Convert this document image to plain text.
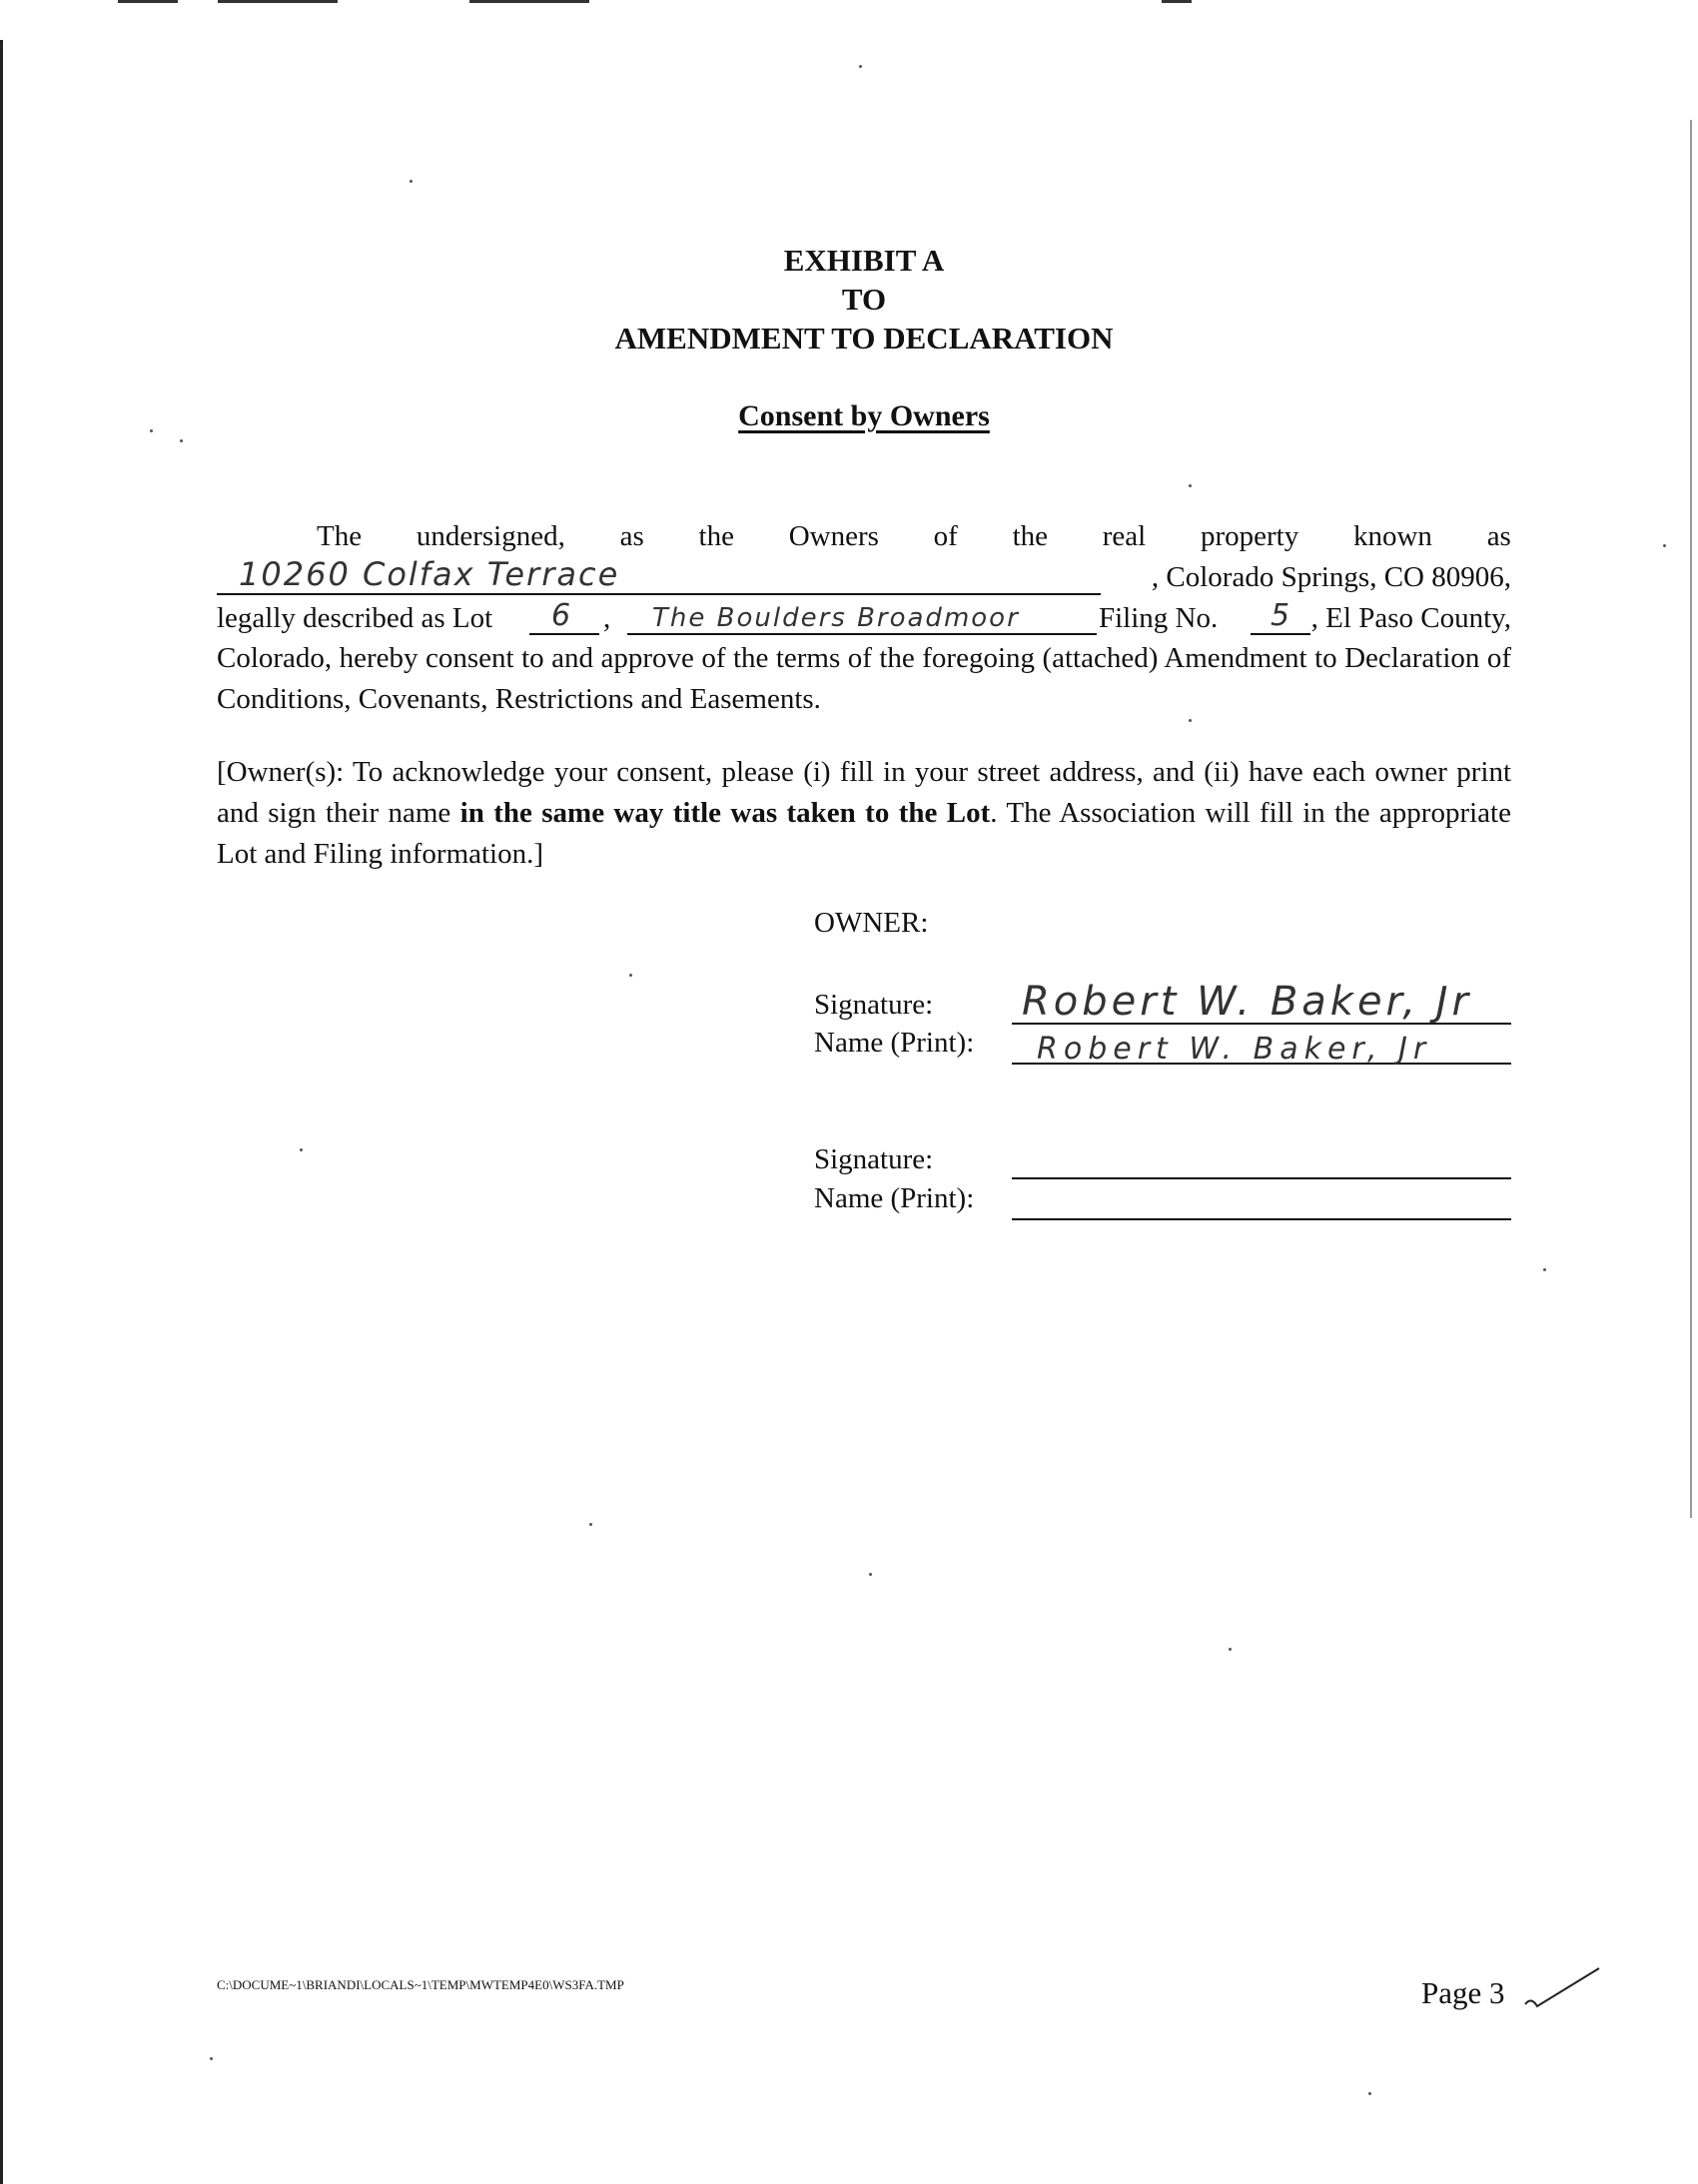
EXHIBIT A
TO
AMENDMENT TO DECLARATION
Consent by Owners
The undersigned, as the Owners of the real property known as
10260 Colfax Terrace	, Colorado Springs, CO 80906,
legally described as Lot	6 ,	The Boulders Broadmoor	Filing No.	5 , El Paso County,
Colorado, hereby consent to and approve of the terms of the foregoing (attached) Amendment to Declaration of Conditions, Covenants, Restrictions and Easements.
[Owner(s): To acknowledge your consent, please (i) fill in your street address, and (ii) have each owner print and sign their name in the same way title was taken to the Lot. The Association will fill in the appropriate Lot and Filing information.]
OWNER:
Signature: Robert W. Baker, Jr
Name (Print): Robert W. Baker, Jr
Signature:
Name (Print):
C:\DOCUME~1\BRIANDI\LOCALS~1\TEMP\MWTEMP4E0\WS3FA.TMP	Page 3
